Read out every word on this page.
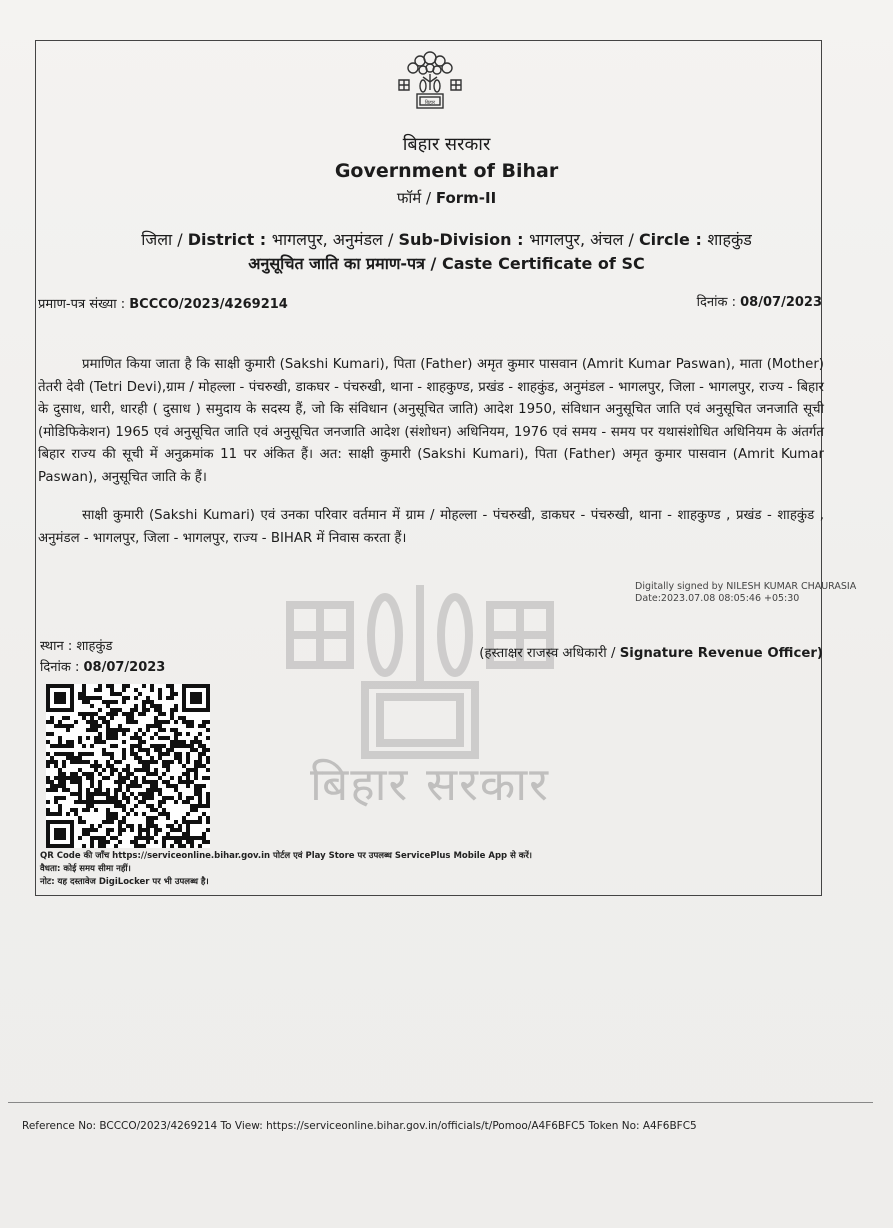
बिहार
बिहार सरकार
बिहार सरकार
Government of Bihar
फॉर्म / Form-II
जिला / District : भागलपुर, अनुमंडल / Sub-Division : भागलपुर, अंचल / Circle : शाहकुंड
अनुसूचित जाति का प्रमाण-पत्र / Caste Certificate of SC
प्रमाण-पत्र संख्या : BCCCO/2023/4269214	दिनांक : 08/07/2023
प्रमाणित किया जाता है कि साक्षी कुमारी (Sakshi Kumari), पिता (Father) अमृत कुमार पासवान (Amrit Kumar Paswan), माता (Mother) तेतरी देवी (Tetri Devi),ग्राम / मोहल्ला - पंचरुखी, डाकघर - पंचरुखी, थाना - शाहकुण्ड, प्रखंड - शाहकुंड, अनुमंडल - भागलपुर, जिला - भागलपुर, राज्य - बिहार के दुसाध, धारी, धारही ( दुसाध ) समुदाय के सदस्य हैं, जो कि संविधान (अनुसूचित जाति) आदेश 1950, संविधान अनुसूचित जाति एवं अनुसूचित जनजाति सूची (मोडिफिकेशन) 1965 एवं अनुसूचित जाति एवं अनुसूचित जनजाति आदेश (संशोधन) अधिनियम, 1976 एवं समय - समय पर यथासंशोधित अधिनियम के अंतर्गत बिहार राज्य की सूची में अनुक्रमांक 11 पर अंकित हैं। अत: साक्षी कुमारी (Sakshi Kumari), पिता (Father) अमृत कुमार पासवान (Amrit Kumar Paswan), अनुसूचित जाति के हैं।
साक्षी कुमारी (Sakshi Kumari) एवं उनका परिवार वर्तमान में ग्राम / मोहल्ला - पंचरुखी, डाकघर - पंचरुखी, थाना - शाहकुण्ड , प्रखंड - शाहकुंड , अनुमंडल - भागलपुर, जिला - भागलपुर, राज्य - BIHAR में निवास करता हैं।
Digitally signed by NILESH KUMAR CHAURASIA
Date:2023.07.08 08:05:46 +05:30
स्थान : शाहकुंड
दिनांक : 08/07/2023
(हस्ताक्षर राजस्व अधिकारी / Signature Revenue Officer)
QR Code की जाँच https://serviceonline.bihar.gov.in पोर्टल एवं Play Store पर उपलब्ध ServicePlus Mobile App से करें।
वैधता: कोई समय सीमा नहीं।
नोट: यह दस्तावेज DigiLocker पर भी उपलब्ध है।
Reference No: BCCCO/2023/4269214 To View: https://serviceonline.bihar.gov.in/officials/t/Pomoo/A4F6BFC5 Token No: A4F6BFC5
